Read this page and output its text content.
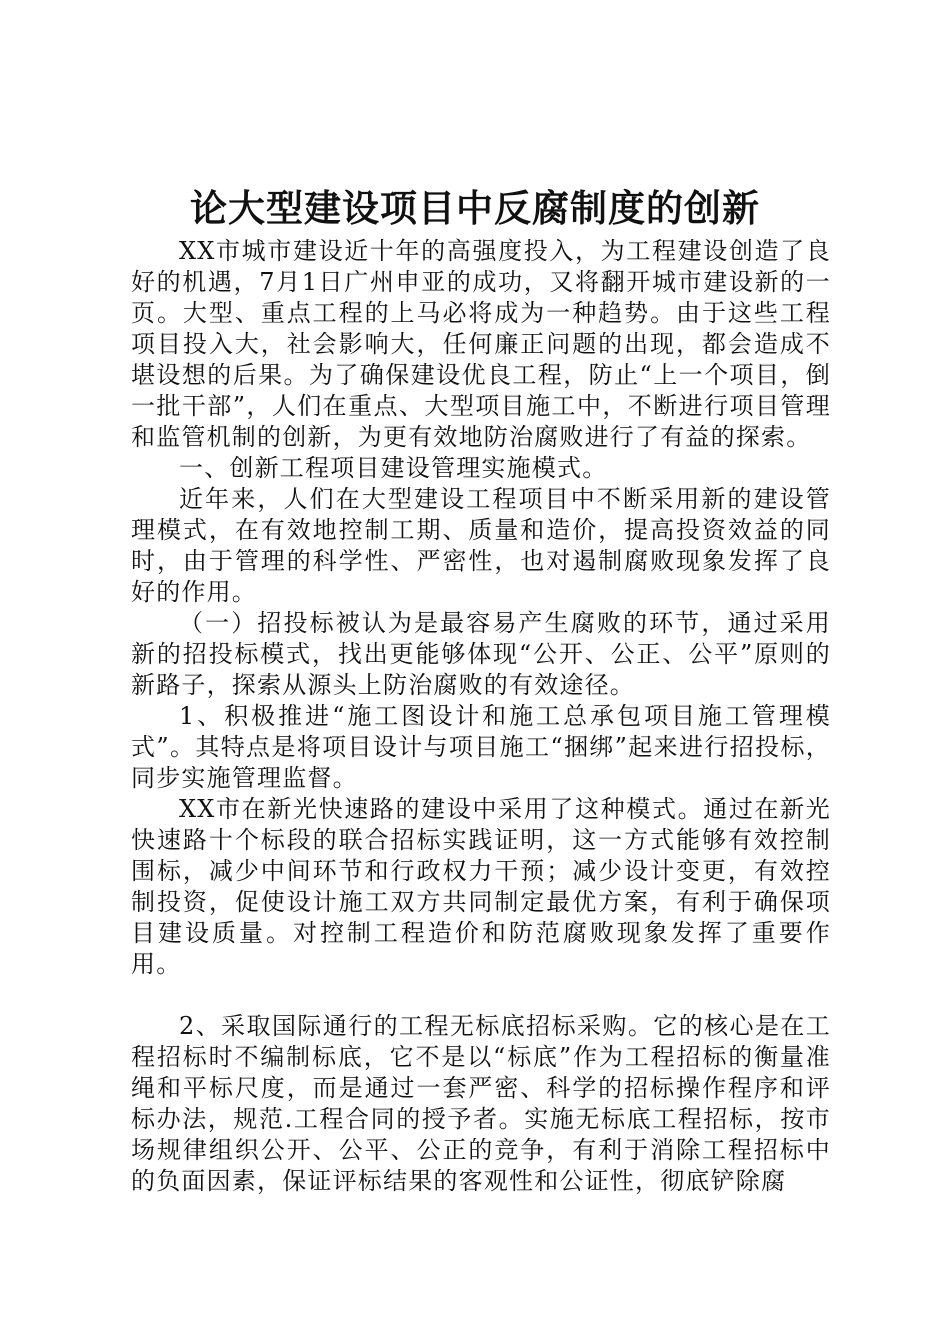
论大型建设项目中反腐制度的创新

XX市城市建设近十年的高强度投入，为工程建设创造了良好的机遇，7月1日广州申亚的成功，又将翻开城市建设新的一页。大型、重点工程的上马必将成为一种趋势。由于这些工程项目投入大，社会影响大，任何廉正问题的出现，都会造成不堪设想的后果。为了确保建设优良工程，防止“上一个项目，倒一批干部”，人们在重点、大型项目施工中，不断进行项目管理和监管机制的创新，为更有效地防治腐败进行了有益的探索。

一、创新工程项目建设管理实施模式。

近年来，人们在大型建设工程项目中不断采用新的建设管理模式，在有效地控制工期、质量和造价，提高投资效益的同时，由于管理的科学性、严密性，也对遏制腐败现象发挥了良好的作用。

（一）招投标被认为是最容易产生腐败的环节，通过采用新的招投标模式，找出更能够体现“公开、公正、公平”原则的新路子，探索从源头上防治腐败的有效途径。

1、积极推进“施工图设计和施工总承包项目施工管理模式”。其特点是将项目设计与项目施工“捆绑”起来进行招投标，同步实施管理监督。

XX市在新光快速路的建设中采用了这种模式。通过在新光快速路十个标段的联合招标实践证明，这一方式能够有效控制围标，减少中间环节和行政权力干预；减少设计变更，有效控制投资，促使设计施工双方共同制定最优方案，有利于确保项目建设质量。对控制工程造价和防范腐败现象发挥了重要作用。

2、采取国际通行的工程无标底招标采购。它的核心是在工程招标时不编制标底，它不是以“标底”作为工程招标的衡量准绳和平标尺度，而是通过一套严密、科学的招标操作程序和评标办法，规范.工程合同的授予者。实施无标底工程招标，按市场规律组织公开、公平、公正的竞争，有利于消除工程招标中的负面因素，保证评标结果的客观性和公证性，彻底铲除腐
